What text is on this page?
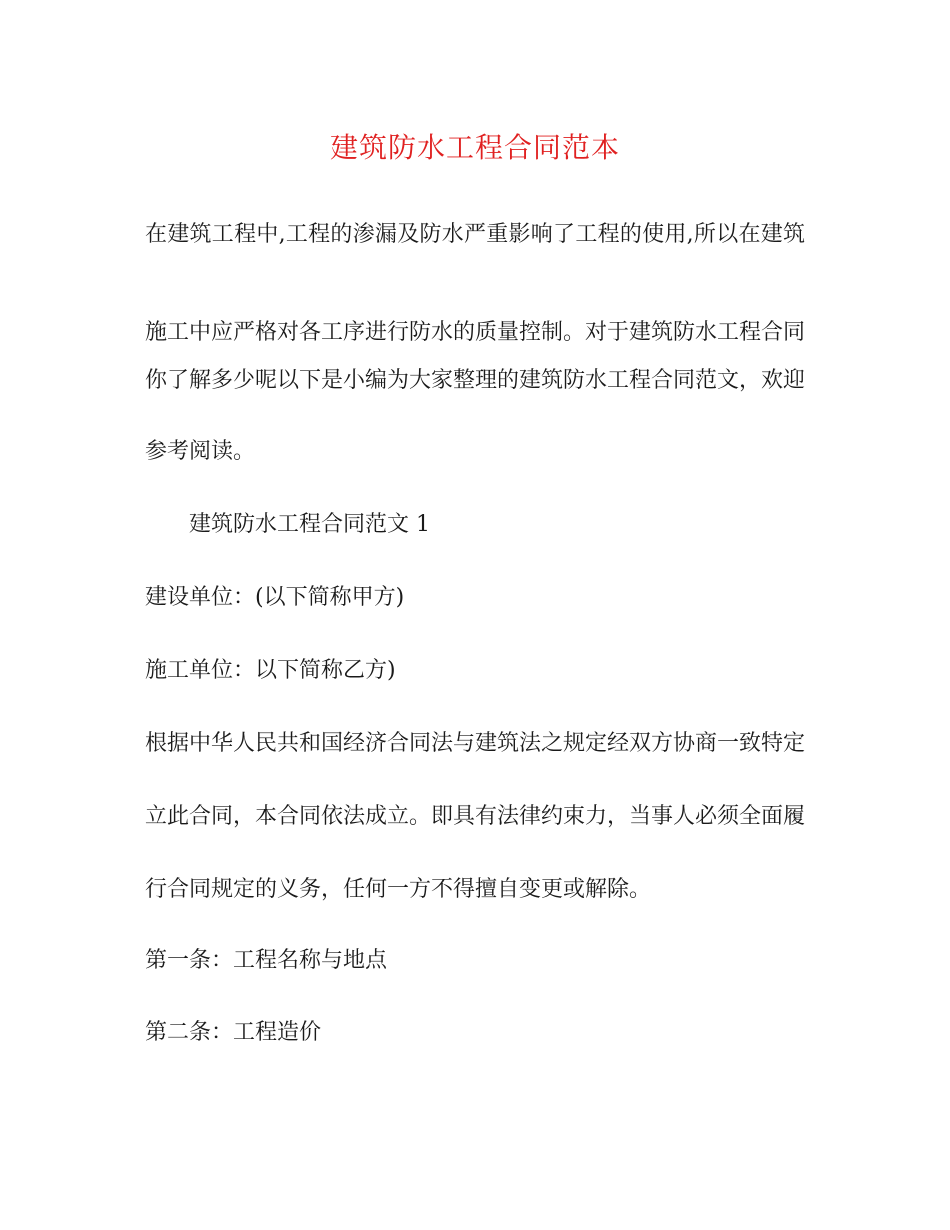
建筑防水工程合同范本

在建筑工程中,工程的渗漏及防水严重影响了工程的使用,所以在建筑

施工中应严格对各工序进行防水的质量控制。对于建筑防水工程合同

你了解多少呢以下是小编为大家整理的建筑防水工程合同范文，欢迎

参考阅读。

建筑防水工程合同范文 1

建设单位：(以下简称甲方)

施工单位：以下简称乙方)

根据中华人民共和国经济合同法与建筑法之规定经双方协商一致特定

立此合同，本合同依法成立。即具有法律约束力，当事人必须全面履

行合同规定的义务，任何一方不得擅自变更或解除。

第一条：工程名称与地点

第二条：工程造价
